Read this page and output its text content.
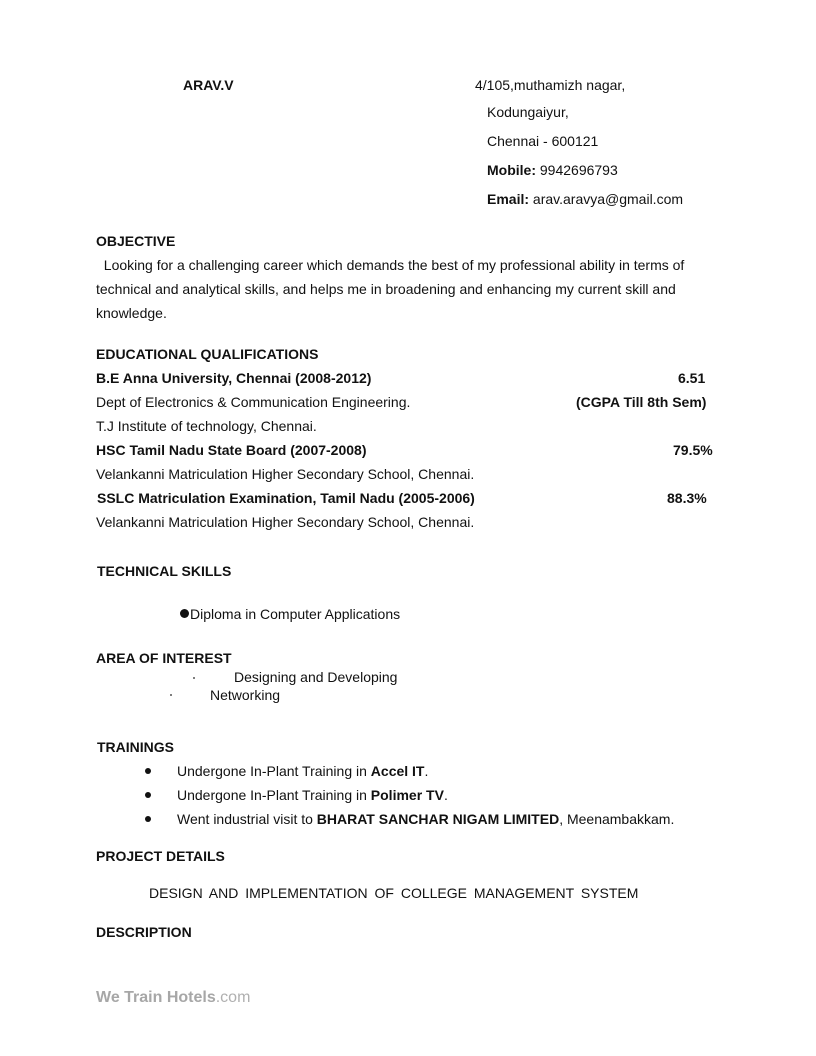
ARAV.V	4/105,muthamizh nagar,
Kodungaiyur,
Chennai - 600121
Mobile: 9942696793
Email: arav.aravya@gmail.com
OBJECTIVE
Looking for a challenging career which demands the best of my professional ability in terms of technical and analytical skills, and helps me in broadening and enhancing my current skill and knowledge.
EDUCATIONAL QUALIFICATIONS
B.E Anna University, Chennai (2008-2012)	6.51
Dept of Electronics & Communication Engineering.	(CGPA Till 8th Sem)
T.J Institute of technology, Chennai.
HSC Tamil Nadu State Board (2007-2008)	79.5%
Velankanni Matriculation Higher Secondary School, Chennai.
SSLC Matriculation Examination, Tamil Nadu (2005-2006)	88.3%
Velankanni Matriculation Higher Secondary School, Chennai.
TECHNICAL SKILLS
Diploma in Computer Applications
AREA OF INTEREST
Designing and Developing
Networking
TRAININGS
Undergone In-Plant Training in Accel IT.
Undergone In-Plant Training in Polimer TV.
Went industrial visit to BHARAT SANCHAR NIGAM LIMITED, Meenambakkam.
PROJECT DETAILS
DESIGN AND IMPLEMENTATION OF COLLEGE MANAGEMENT SYSTEM
DESCRIPTION
We Train Hotels.com
